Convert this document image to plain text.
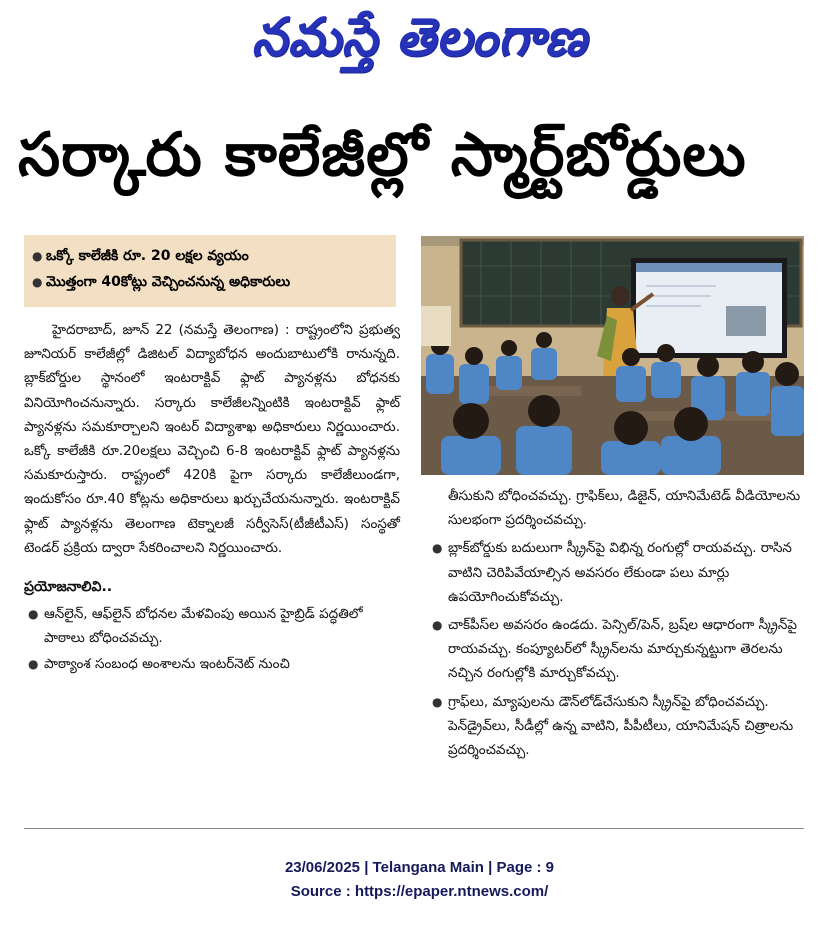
నమస్తే తెలంగాణ
సర్కారు కాలేజీల్లో స్మార్ట్‌బోర్డులు
● ఒక్కో కాలేజీకి రూ. 20 లక్షల వ్యయం
● మొత్తంగా 40కోట్లు వెచ్చించనున్న అధికారులు

హైదరాబాద్‌, జూన్‌ 22 (నమస్తే తెలంగాణ) : రాష్ట్రంలోని ప్రభుత్వ జూనియర్‌ కాలేజీల్లో డిజిటల్‌ విద్యాబోధన అందుబాటులోకి రానున్నది. బ్లాక్‌బోర్డుల స్థానంలో ఇంటరాక్టివ్‌ ఫ్లాట్‌ ప్యానళ్లను బోధనకు వినియోగించనున్నారు. సర్కారు కాలేజీలన్నింటికి ఇంటరాక్టివ్‌ ఫ్లాట్‌ ప్యానళ్లను సమకూర్చాలని ఇంటర్‌ విద్యాశాఖ అధికారులు నిర్ణయించారు. ఒక్కో కాలేజీకి రూ.20లక్షలు వెచ్చించి 6-8 ఇంటరాక్టివ్‌ ఫ్లాట్‌ ప్యానళ్లను సమకూరుస్తారు. రాష్ట్రంలో 420కి పైగా సర్కారు కాలేజీలుండగా, ఇందుకోసం రూ.40 కోట్లను అధికారులు ఖర్చుచేయనున్నారు. ఇంటరాక్టివ్‌ ఫ్లాట్‌ ప్యానళ్లను తెలంగాణ టెక్నాలజీ సర్వీసెస్‌(టీజీటీఎస్‌) సంస్థతో టెండర్‌ ప్రక్రియ ద్వారా సేకరించాలని నిర్ణయించారు.

ప్రయోజనాలివి..

● ఆన్‌లైన్‌, ఆఫ్‌లైన్‌ బోధనల మేళవింపు అయిన హైబ్రిడ్‌ పద్ధతిలో పాఠాలు బోధించవచ్చు.
● పాఠ్యాంశ సంబంధ అంశాలను ఇంటర్‌నెట్‌ నుంచి

తీసుకుని బోధించవచ్చు. గ్రాఫిక్‌లు, డిజైన్‌, యానిమేటెడ్‌ వీడియోలను సులభంగా ప్రదర్శించవచ్చు.

● బ్లాక్‌బోర్డుకు బదులుగా స్క్రీన్‌పై విభిన్న రంగుల్లో రాయవచ్చు. రాసిన వాటిని చెరిపివేయాల్సిన అవసరం లేకుండా పలు మార్లు ఉపయోగించుకోవచ్చు.
● చాక్‌పీస్‌ల అవసరం ఉండదు. పెన్సిల్‌/పెన్‌, బ్రష్‌ల ఆధారంగా స్క్రీన్‌పై రాయవచ్చు. కంప్యూటర్‌లో స్క్రీన్‌లను మార్చుకున్నట్టుగా తెరలను నచ్చిన రంగుల్లోకి మార్చుకోవచ్చు.
● గ్రాఫ్‌లు, మ్యాపులను డౌన్‌లోడ్‌చేసుకుని స్క్రీన్‌పై బోధించవచ్చు. పెన్‌డ్రైవ్‌లు, సీడీల్లో ఉన్న వాటిని, పీపీటీలు, యానిమేషన్‌ చిత్రాలను ప్రదర్శించవచ్చు.
23/06/2025 | Telangana Main | Page : 9
Source : https://epaper.ntnews.com/
